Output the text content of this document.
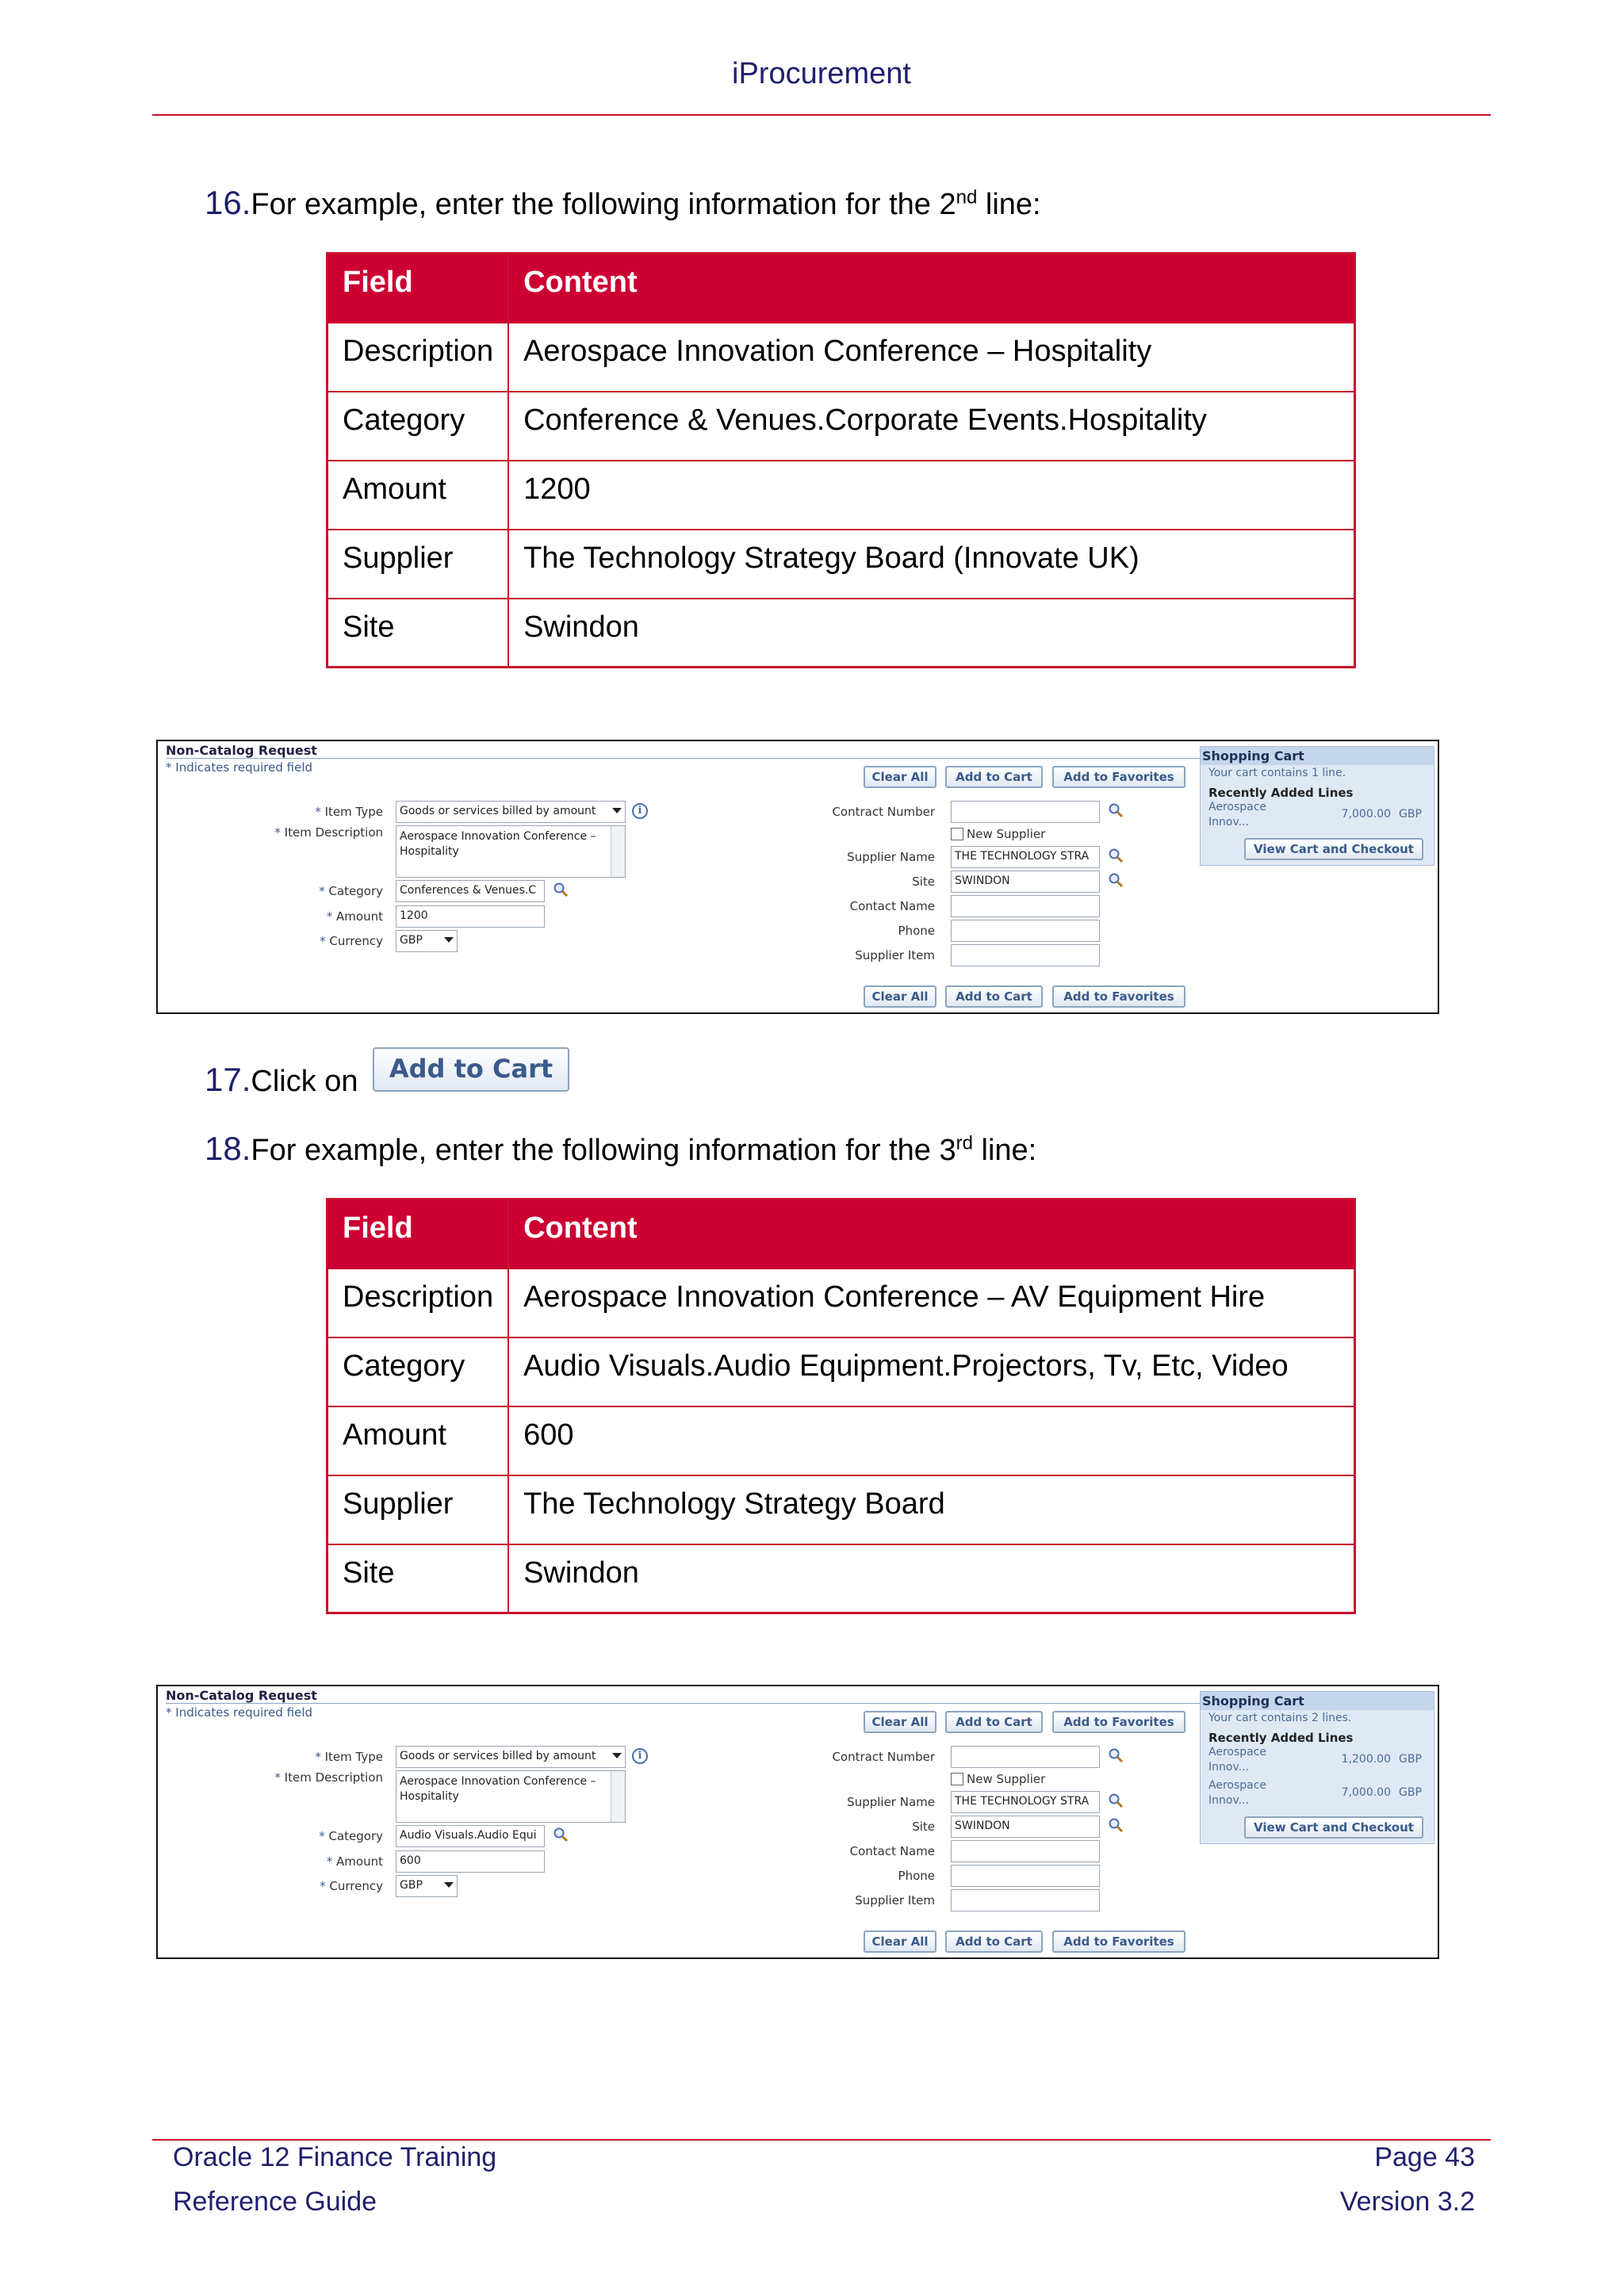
iProcurement
16.For example, enter the following information for the 2nd line:
Field	Content
Description	Aerospace Innovation Conference – Hospitality
Category	Conference & Venues.Corporate Events.Hospitality
Amount	1200
Supplier	The Technology Strategy Board (Innovate UK)
Site	Swindon
Non-Catalog Request
* Indicates required field
Clear All	Add to Cart	Add to Favorites
* Item Type	Goods or services billed by amount	i
* Item Description	Aerospace Innovation Conference – Hospitality
* Category	Conferences & Venues.C
* Amount	1200
* Currency	GBP
Contract Number
New Supplier
Supplier Name	THE TECHNOLOGY STRA
Site	SWINDON
Contact Name
Phone
Supplier Item
Clear All	Add to Cart	Add to Favorites
Shopping Cart
Your cart contains 1 line.
Recently Added Lines
Aerospace Innov...
7,000.00 GBP
View Cart and Checkout
17.Click on	Add to Cart
18.For example, enter the following information for the 3rd line:
Field	Content
Description	Aerospace Innovation Conference – AV Equipment Hire
Category	Audio Visuals.Audio Equipment.Projectors, Tv, Etc, Video
Amount	600
Supplier	The Technology Strategy Board
Site	Swindon
Non-Catalog Request
* Indicates required field
Clear All	Add to Cart	Add to Favorites
* Item Type	Goods or services billed by amount	i
* Item Description	Aerospace Innovation Conference – Hospitality
* Category	Audio Visuals.Audio Equi
* Amount	600
* Currency	GBP
Contract Number
New Supplier
Supplier Name	THE TECHNOLOGY STRA
Site	SWINDON
Contact Name
Phone
Supplier Item
Clear All	Add to Cart	Add to Favorites
Shopping Cart
Your cart contains 2 lines.
Recently Added Lines
Aerospace Innov...
1,200.00 GBP
Aerospace Innov...
7,000.00 GBP
View Cart and Checkout
Oracle 12 Finance Training
Reference Guide
Page 43
Version 3.2
